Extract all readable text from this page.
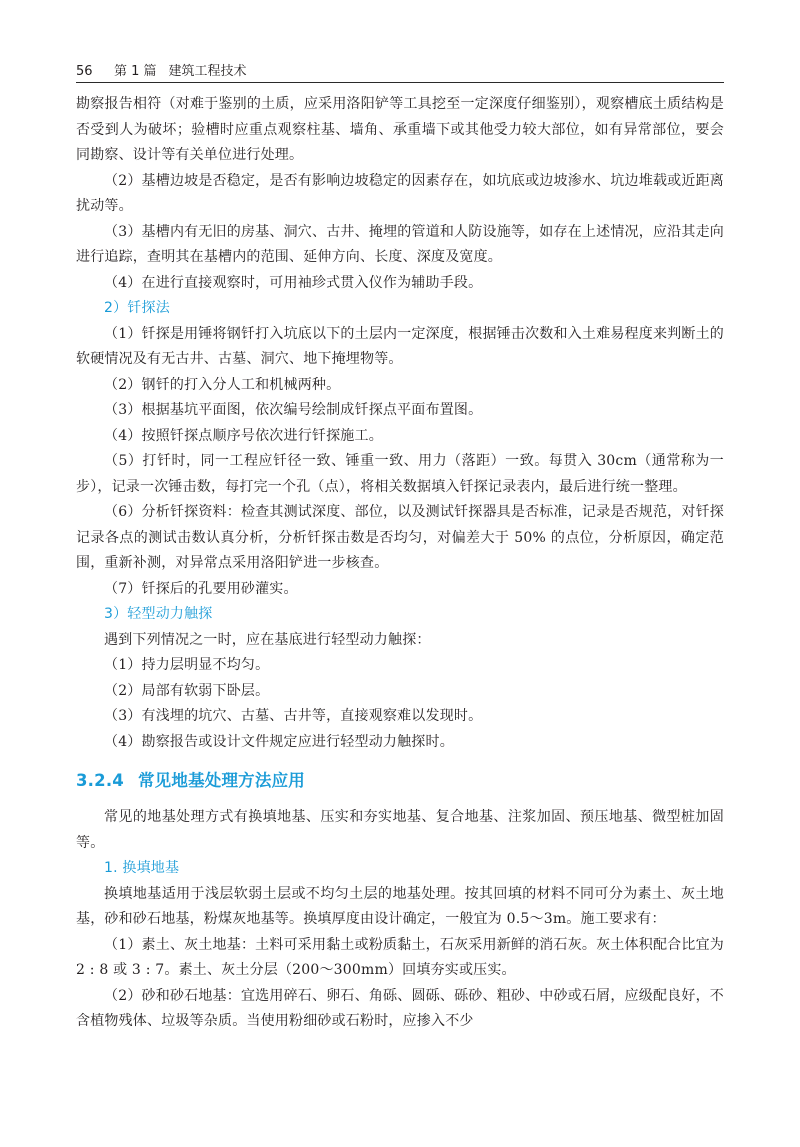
56 第 1 篇 建筑工程技术

勘察报告相符（对难于鉴别的土质，应采用洛阳铲等工具挖至一定深度仔细鉴别），观察槽底土质结构是否受到人为破坏；验槽时应重点观察柱基、墙角、承重墙下或其他受力较大部位，如有异常部位，要会同勘察、设计等有关单位进行处理。

（2）基槽边坡是否稳定，是否有影响边坡稳定的因素存在，如坑底或边坡渗水、坑边堆载或近距离扰动等。

（3）基槽内有无旧的房基、洞穴、古井、掩埋的管道和人防设施等，如存在上述情况，应沿其走向进行追踪，查明其在基槽内的范围、延伸方向、长度、深度及宽度。

（4）在进行直接观察时，可用袖珍式贯入仪作为辅助手段。

2）钎探法

（1）钎探是用锤将钢钎打入坑底以下的土层内一定深度，根据锤击次数和入土难易程度来判断土的软硬情况及有无古井、古墓、洞穴、地下掩埋物等。

（2）钢钎的打入分人工和机械两种。

（3）根据基坑平面图，依次编号绘制成钎探点平面布置图。

（4）按照钎探点顺序号依次进行钎探施工。

（5）打钎时，同一工程应钎径一致、锤重一致、用力（落距）一致。每贯入 30cm（通常称为一步），记录一次锤击数，每打完一个孔（点），将相关数据填入钎探记录表内，最后进行统一整理。

（6）分析钎探资料：检查其测试深度、部位，以及测试钎探器具是否标准，记录是否规范，对钎探记录各点的测试击数认真分析，分析钎探击数是否均匀，对偏差大于 50% 的点位，分析原因，确定范围，重新补测，对异常点采用洛阳铲进一步核查。

（7）钎探后的孔要用砂灌实。

3）轻型动力触探

遇到下列情况之一时，应在基底进行轻型动力触探：

（1）持力层明显不均匀。

（2）局部有软弱下卧层。

（3）有浅埋的坑穴、古墓、古井等，直接观察难以发现时。

（4）勘察报告或设计文件规定应进行轻型动力触探时。

3.2.4 常见地基处理方法应用

常见的地基处理方式有换填地基、压实和夯实地基、复合地基、注浆加固、预压地基、微型桩加固等。

1. 换填地基

换填地基适用于浅层软弱土层或不均匀土层的地基处理。按其回填的材料不同可分为素土、灰土地基，砂和砂石地基，粉煤灰地基等。换填厚度由设计确定，一般宜为 0.5～3m。施工要求有：

（1）素土、灰土地基：土料可采用黏土或粉质黏土，石灰采用新鲜的消石灰。灰土体积配合比宜为 2 : 8 或 3 : 7。素土、灰土分层（200～300mm）回填夯实或压实。

（2）砂和砂石地基：宜选用碎石、卵石、角砾、圆砾、砾砂、粗砂、中砂或石屑，应级配良好，不含植物残体、垃圾等杂质。当使用粉细砂或石粉时，应掺入不少
